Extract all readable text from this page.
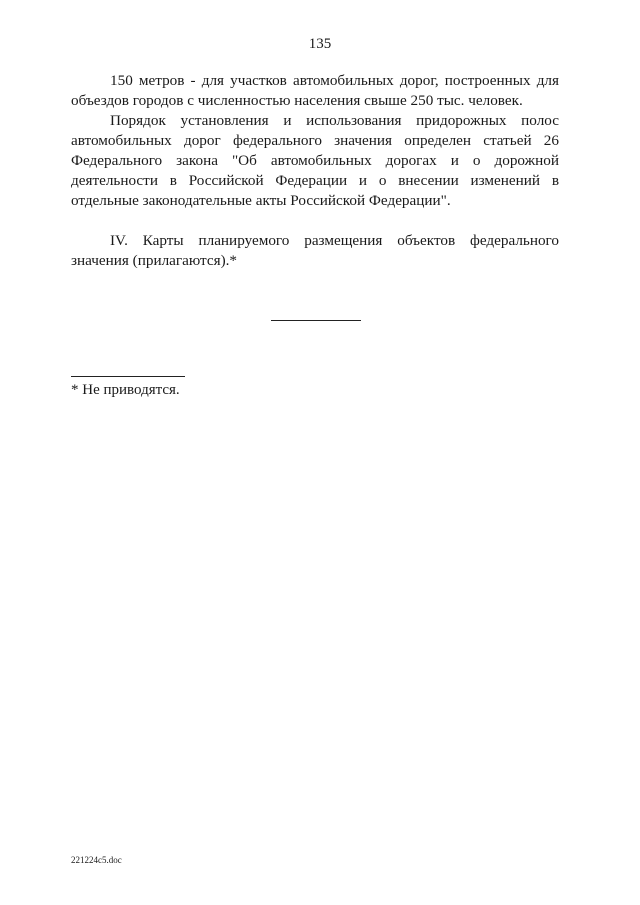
135

150 метров - для участков автомобильных дорог, построенных для объездов городов с численностью населения свыше 250 тыс. человек.

Порядок установления и использования придорожных полос автомобильных дорог федерального значения определен статьей 26 Федерального закона "Об автомобильных дорогах и о дорожной деятельности в Российской Федерации и о внесении изменений в отдельные законодательные акты Российской Федерации".

IV. Карты планируемого размещения объектов федерального значения (прилагаются).*

* Не приводятся.
221224c5.doc
